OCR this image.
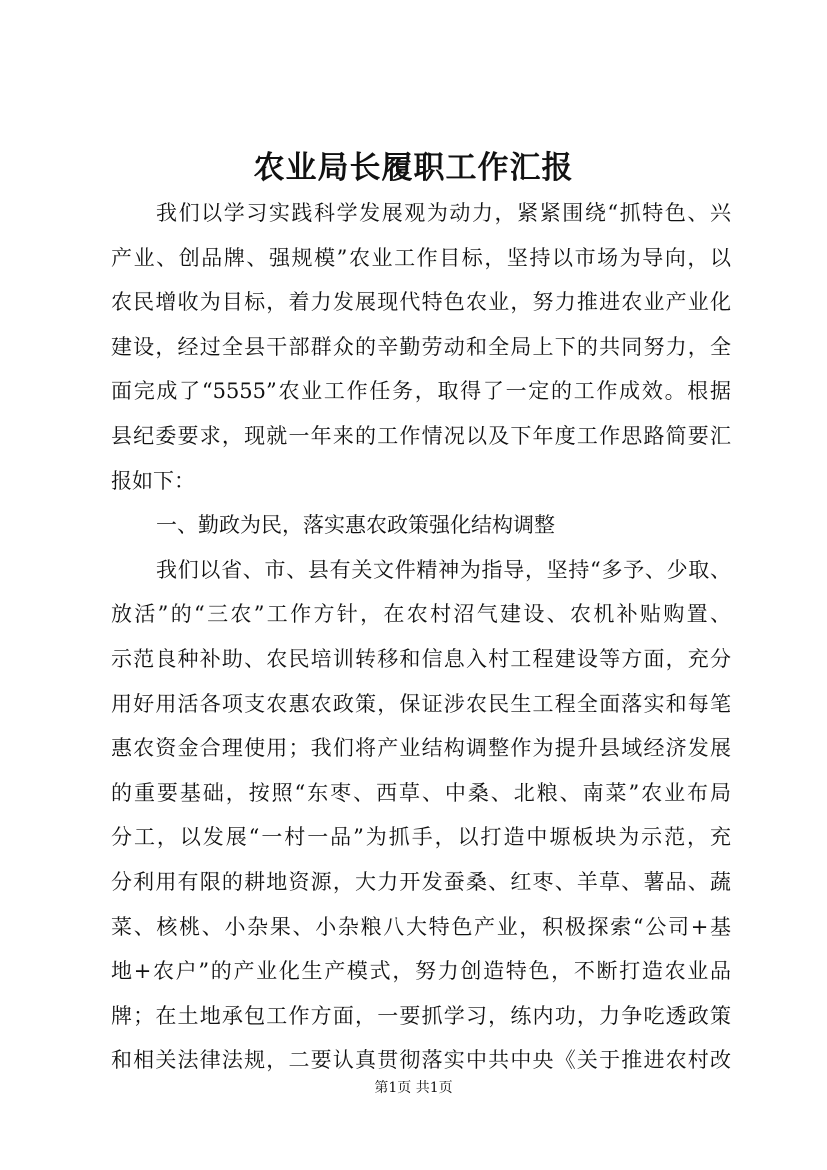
农业局长履职工作汇报
我们以学习实践科学发展观为动力，紧紧围绕“抓特色、兴
产业、创品牌、强规模”农业工作目标，坚持以市场为导向，以
农民增收为目标，着力发展现代特色农业，努力推进农业产业化
建设，经过全县干部群众的辛勤劳动和全局上下的共同努力，全
面完成了“5555”农业工作任务，取得了一定的工作成效。根据
县纪委要求，现就一年来的工作情况以及下年度工作思路简要汇
报如下：
一、勤政为民，落实惠农政策强化结构调整
我们以省、市、县有关文件精神为指导，坚持“多予、少取、
放活”的“三农”工作方针，在农村沼气建设、农机补贴购置、
示范良种补助、农民培训转移和信息入村工程建设等方面，充分
用好用活各项支农惠农政策，保证涉农民生工程全面落实和每笔
惠农资金合理使用；我们将产业结构调整作为提升县域经济发展
的重要基础，按照“东枣、西草、中桑、北粮、南菜”农业布局
分工，以发展“一村一品”为抓手，以打造中塬板块为示范，充
分利用有限的耕地资源，大力开发蚕桑、红枣、羊草、薯品、蔬
菜、核桃、小杂果、小杂粮八大特色产业，积极探索“公司+基
地+农户”的产业化生产模式，努力创造特色，不断打造农业品
牌；在土地承包工作方面，一要抓学习，练内功，力争吃透政策
和相关法律法规，二要认真贯彻落实中共中央《关于推进农村改
第1页 共1页
